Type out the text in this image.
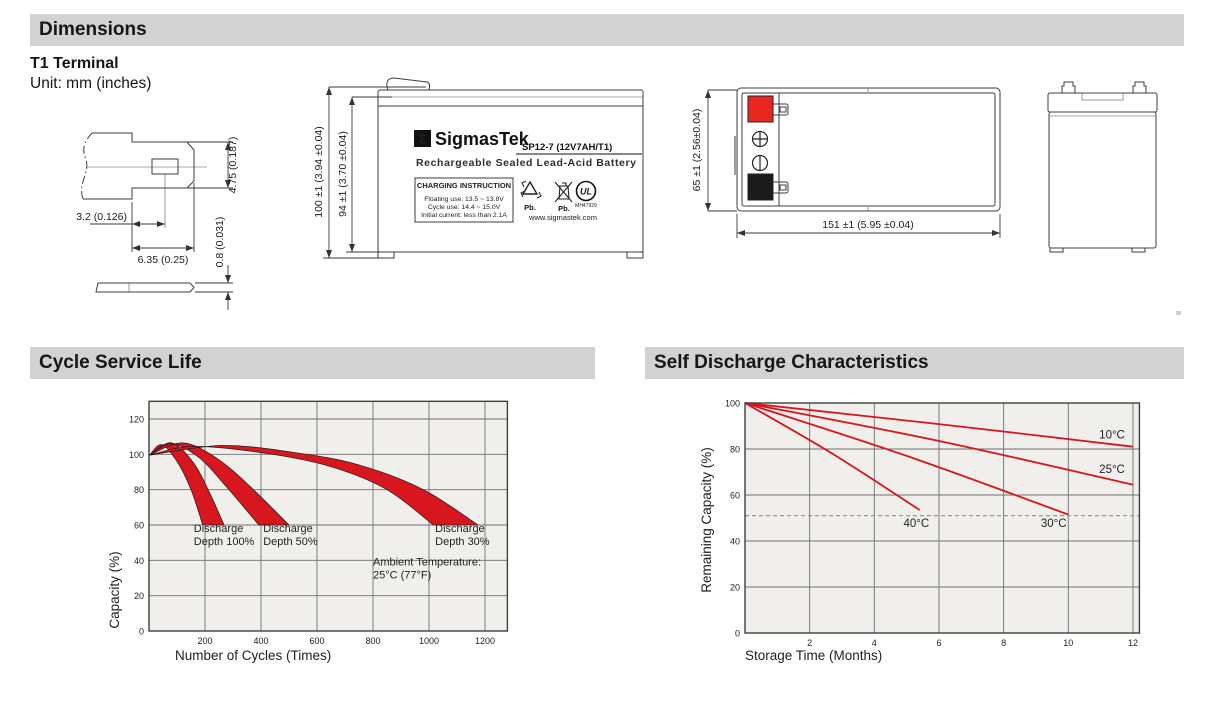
Dimensions
T1 Terminal
Unit: mm (inches)
3.2 (0.126)
6.35 (0.25)
4.75 (0.187)
0.8 (0.031)
Σ SigmasTek
SP12-7 (12V7AH/T1)
Rechargeable Sealed Lead-Acid Battery
CHARGING INSTRUCTION
Floating use: 13.5 ~ 13.8V
Cycle use: 14.4 ~ 15.0V
Initial current: less than 2.1A
Pb.	Pb.
UL
MH47929
www.sigmastek.com
100 ±1 (3.94 ±0.04) 94 ±1 (3.70 ±0.04)	65 ±1 (2.56±0.04)
151 ±1 (5.95 ±0.04)
Cycle Service Life	Self Discharge Characteristics
0
20
40
60
80
100
120
200	400	600	800	1000	1200
Discharge
Depth 100%
Discharge
Depth 50%
Discharge
Depth 30%
Ambient Temperature:
25°C (77°F)
Number of Cycles (Times)
Capacity (%)
10°C
25°C
30°C
40°C
0
20
40
60
80
100
2	4	6	8	10	12
Storage Time (Months)
Remaining Capacity (%)
